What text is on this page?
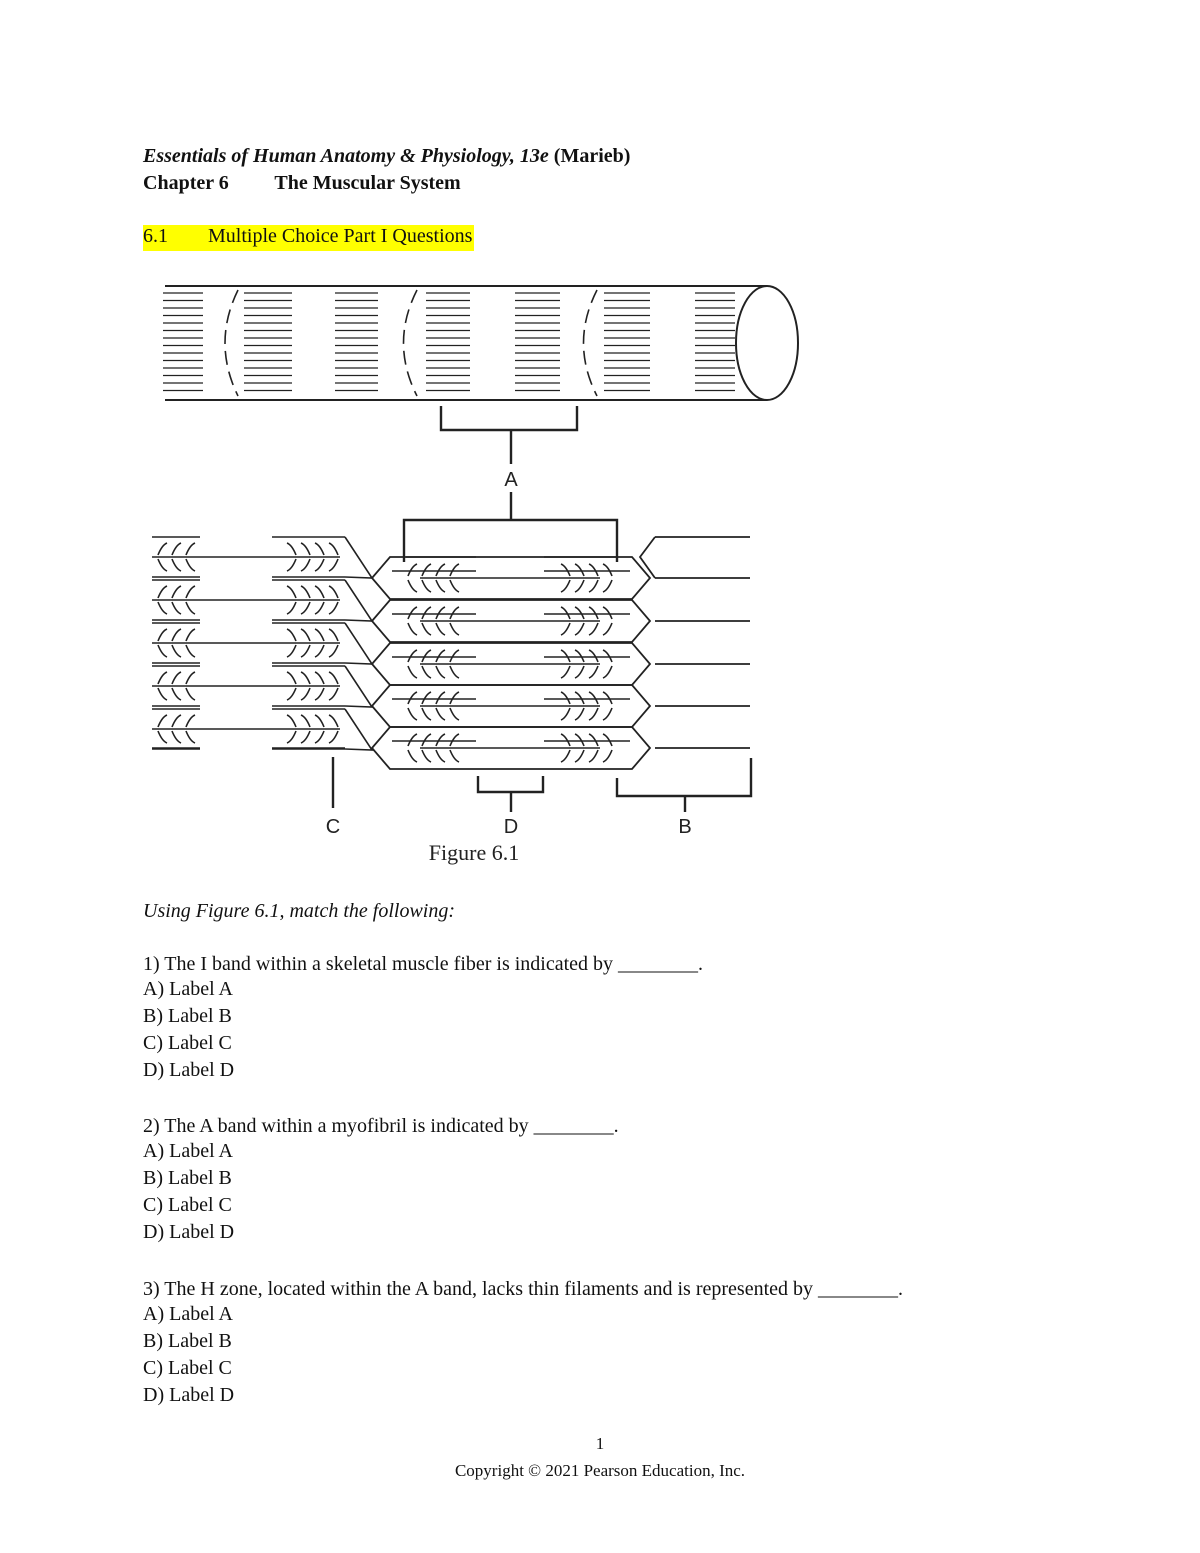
Essentials of Human Anatomy & Physiology, 13e (Marieb)
Chapter 6 The Muscular System
6.1 Multiple Choice Part I Questions
A
C	D	B
Figure 6.1
Using Figure 6.1, match the following:
1) The I band within a skeletal muscle fiber is indicated by ________.
A) Label A
B) Label B
C) Label C
D) Label D
2) The A band within a myofibril is indicated by ________.
A) Label A
B) Label B
C) Label C
D) Label D
3) The H zone, located within the A band, lacks thin filaments and is represented by ________.
A) Label A
B) Label B
C) Label C
D) Label D
1
Copyright © 2021 Pearson Education, Inc.
